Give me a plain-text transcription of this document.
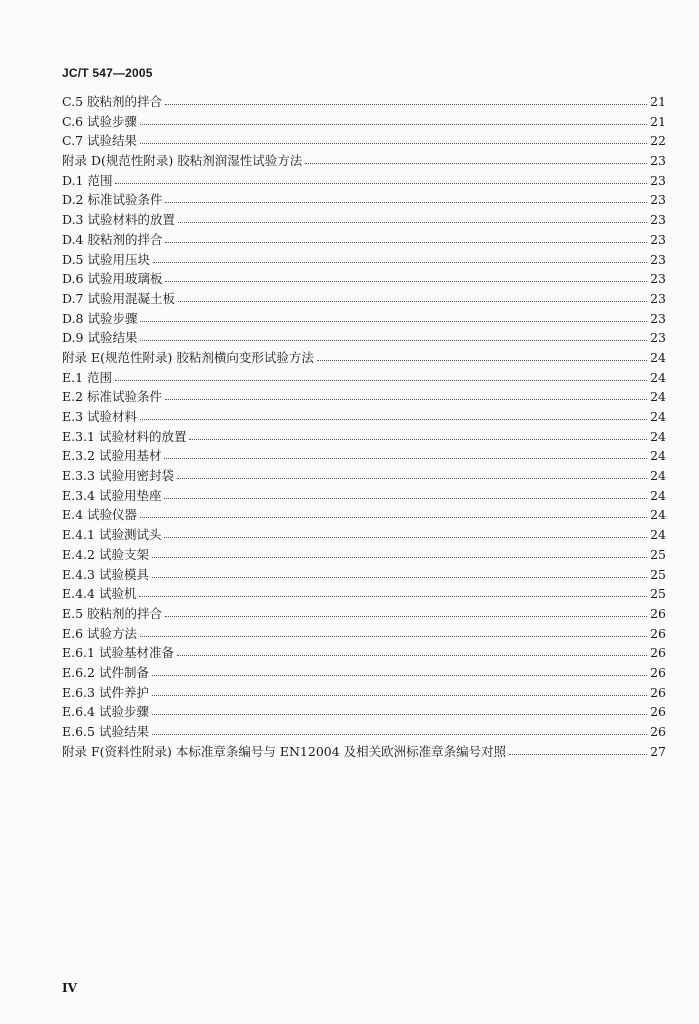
JC/T 547—2005
C.5 胶粘剂的拌合	21
C.6 试验步骤	21
C.7 试验结果	22
附录 D(规范性附录) 胶粘剂润湿性试验方法	23
D.1 范围	23
D.2 标准试验条件	23
D.3 试验材料的放置	23
D.4 胶粘剂的拌合	23
D.5 试验用压块	23
D.6 试验用玻璃板	23
D.7 试验用混凝土板	23
D.8 试验步骤	23
D.9 试验结果	23
附录 E(规范性附录) 胶粘剂横向变形试验方法	24
E.1 范围	24
E.2 标准试验条件	24
E.3 试验材料	24
E.3.1 试验材料的放置	24
E.3.2 试验用基材	24
E.3.3 试验用密封袋	24
E.3.4 试验用垫座	24
E.4 试验仪器	24
E.4.1 试验测试头	24
E.4.2 试验支架	25
E.4.3 试验模具	25
E.4.4 试验机	25
E.5 胶粘剂的拌合	26
E.6 试验方法	26
E.6.1 试验基材准备	26
E.6.2 试件制备	26
E.6.3 试件养护	26
E.6.4 试验步骤	26
E.6.5 试验结果	26
附录 F(资料性附录) 本标准章条编号与 EN12004 及相关欧洲标准章条编号对照	27
IV
